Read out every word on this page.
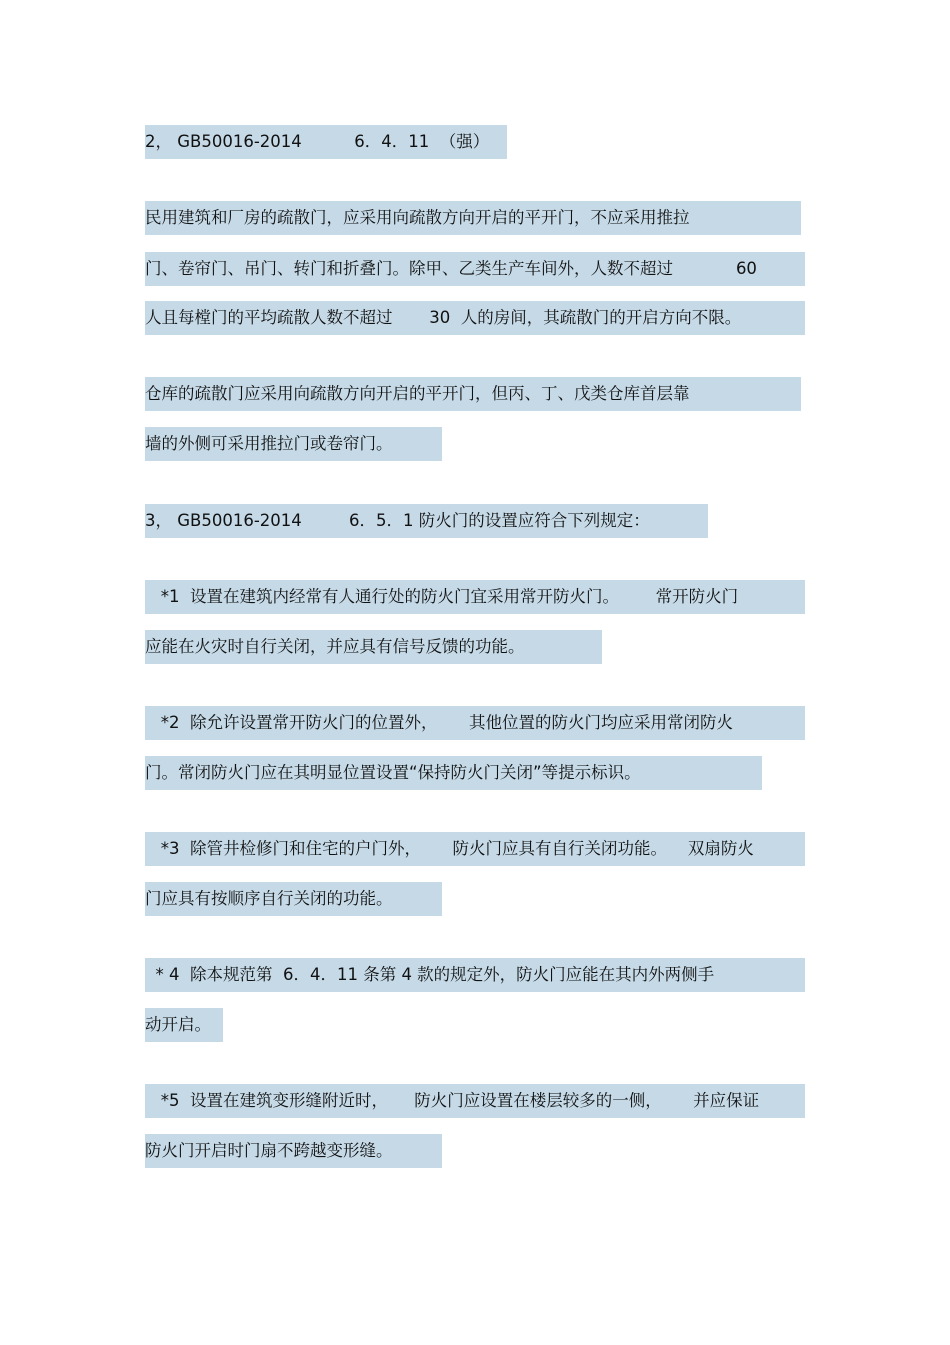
2， GB50016-2014          6．4．11  （强）
民用建筑和厂房的疏散门，应采用向疏散方向开启的平开门，不应采用推拉
门、卷帘门、吊门、转门和折叠门。除甲、乙类生产车间外，人数不超过            60
人且每樘门的平均疏散人数不超过       30  人的房间，其疏散门的开启方向不限。
仓库的疏散门应采用向疏散方向开启的平开门，但丙、丁、戊类仓库首层靠
墙的外侧可采用推拉门或卷帘门。
3， GB50016-2014         6．5．1 防火门的设置应符合下列规定：
*1  设置在建筑内经常有人通行处的防火门宜采用常开防火门。       常开防火门
应能在火灾时自行关闭，并应具有信号反馈的功能。
*2  除允许设置常开防火门的位置外，      其他位置的防火门均应采用常闭防火
门。常闭防火门应在其明显位置设置“保持防火门关闭”等提示标识。
*3  除管井检修门和住宅的户门外，      防火门应具有自行关闭功能。    双扇防火
门应具有按顺序自行关闭的功能。
* 4  除本规范第  6．4．11 条第 4 款的规定外，防火门应能在其内外两侧手
动开启。
*5  设置在建筑变形缝附近时，     防火门应设置在楼层较多的一侧，      并应保证
防火门开启时门扇不跨越变形缝。
